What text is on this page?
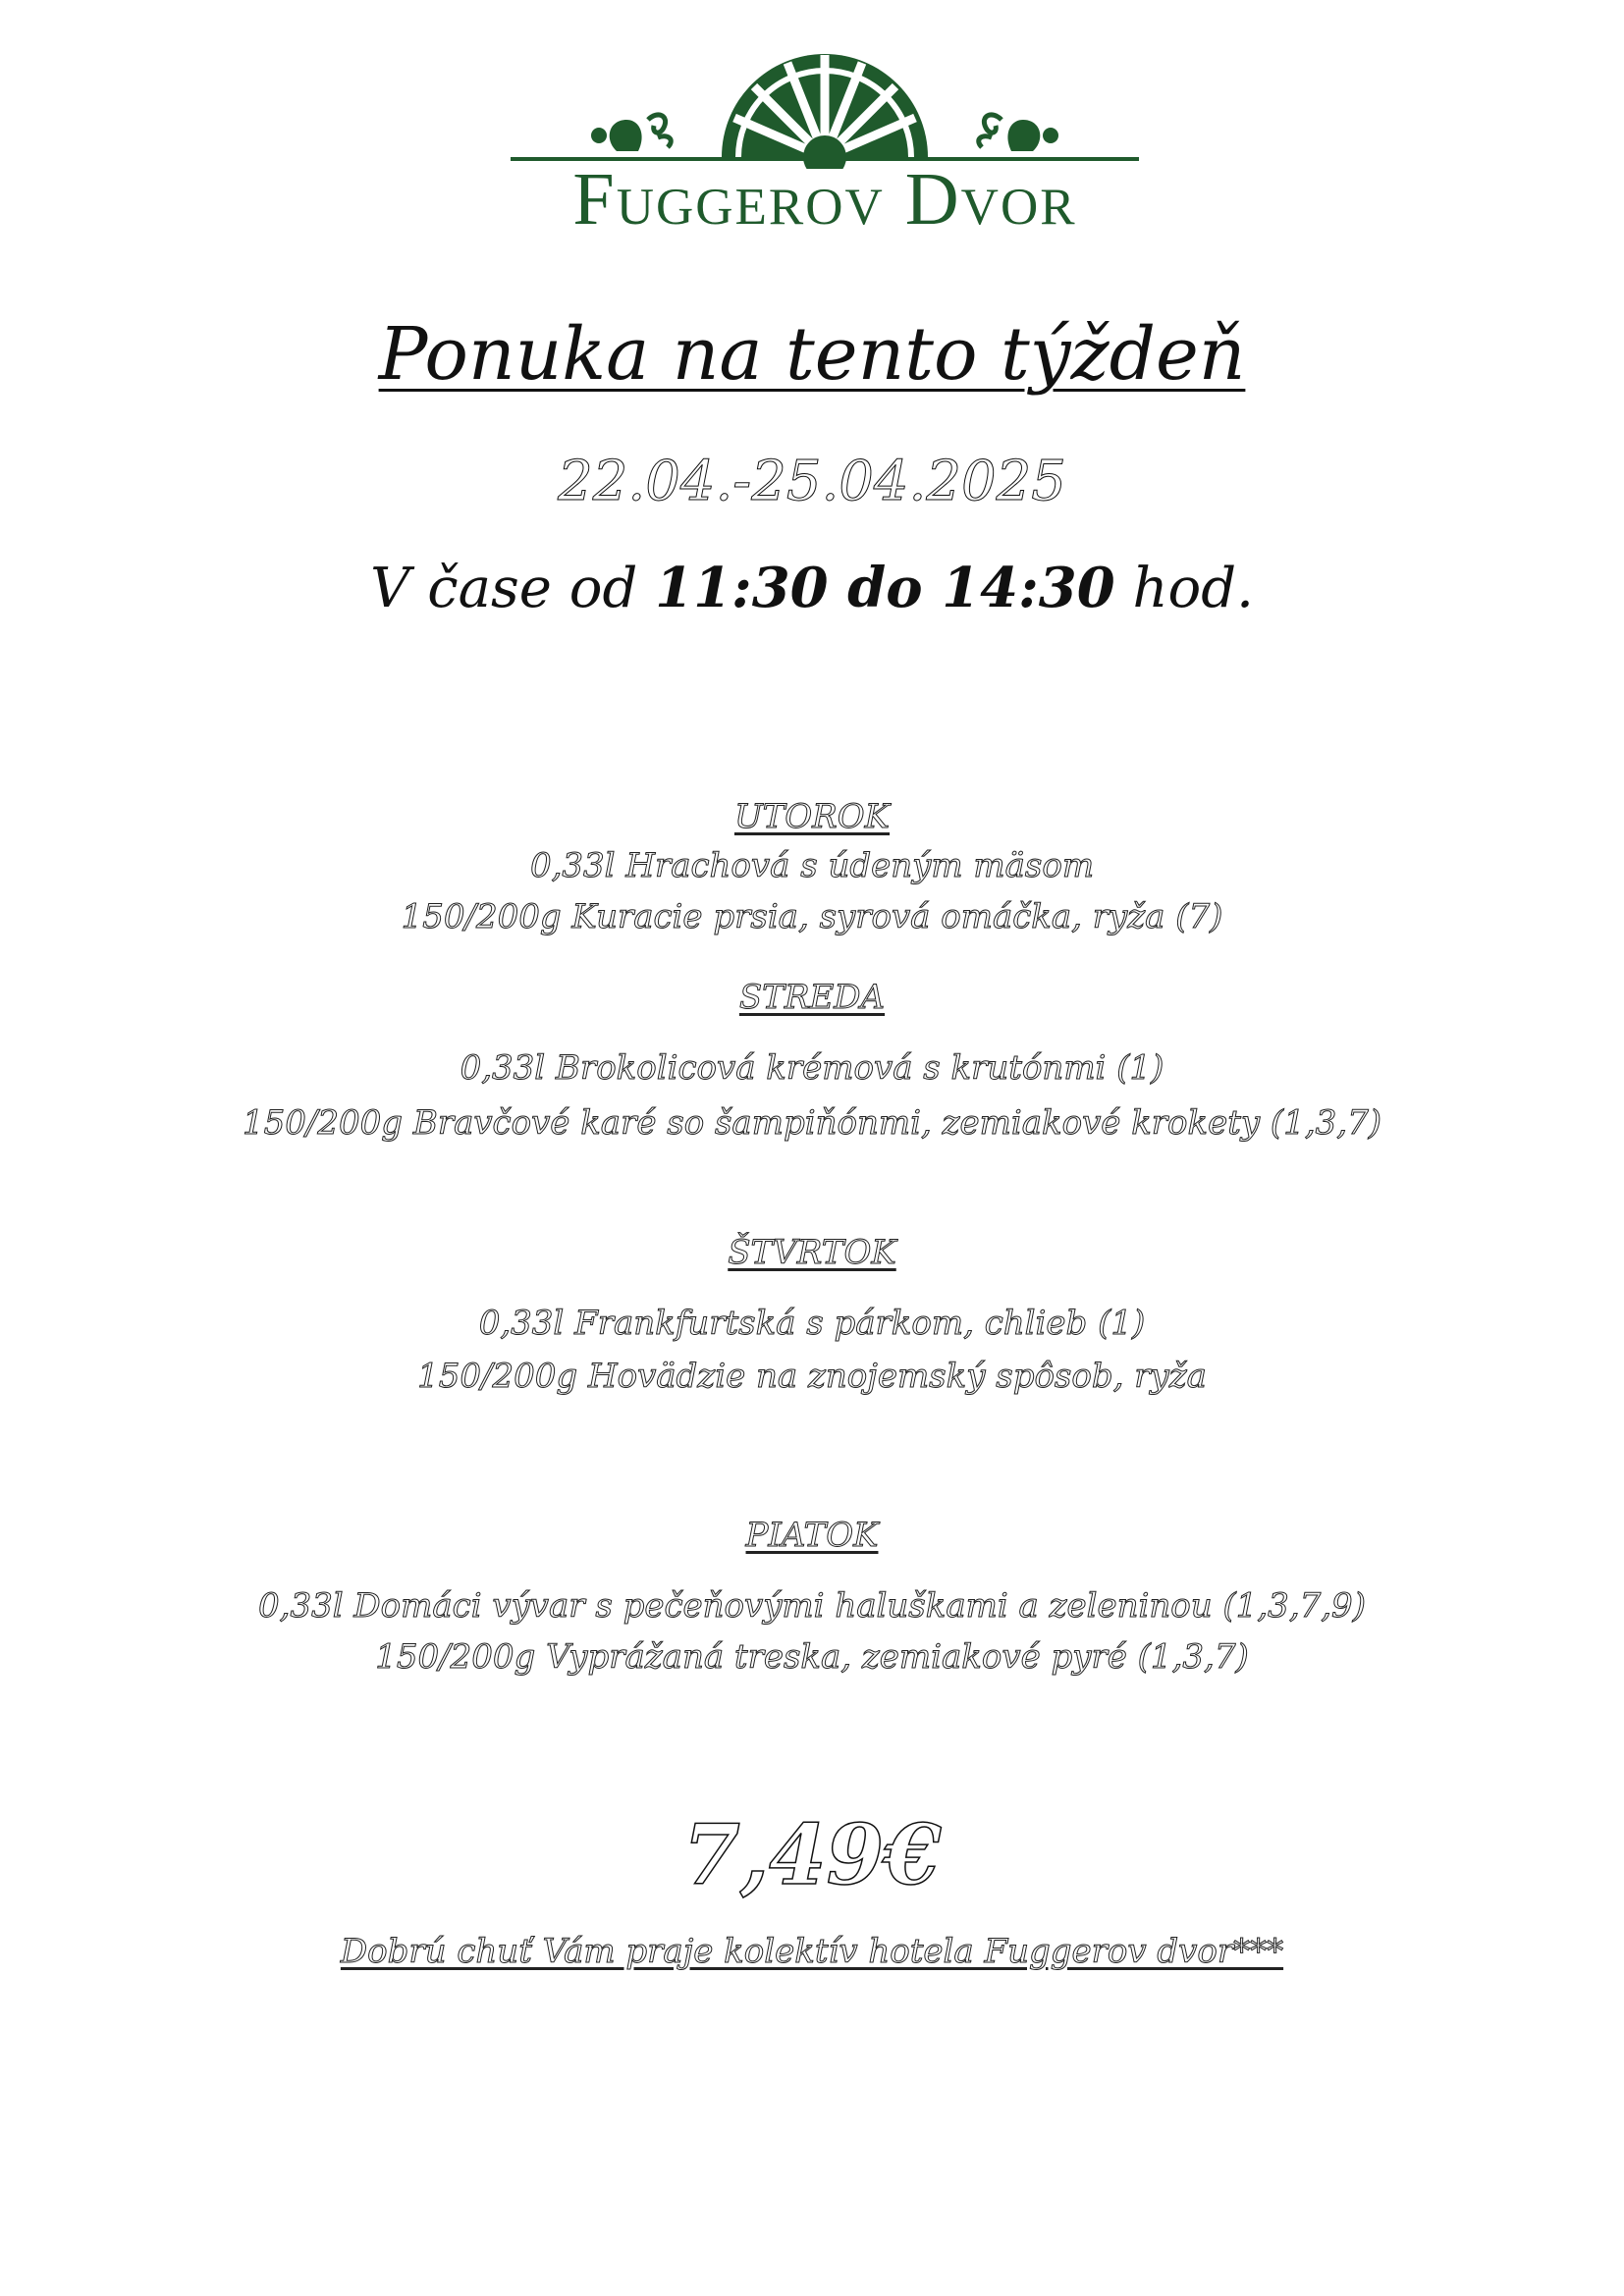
Fuggerov Dvor
Ponuka na tento týždeň
22.04.-25.04.2025
V čase od 11:30 do 14:30 hod.
UTOROK
0,33l Hrachová s údeným mäsom
150/200g Kuracie prsia, syrová omáčka, ryža (7)
STREDA
0,33l Brokolicová krémová s krutónmi (1)
150/200g Bravčové karé so šampiňónmi, zemiakové krokety (1,3,7)
ŠTVRTOK
0,33l Frankfurtská s párkom, chlieb (1)
150/200g Hovädzie na znojemský spôsob, ryža
PIATOK
0,33l Domáci vývar s pečeňovými haluškami a zeleninou (1,3,7,9)
150/200g Vyprážaná treska, zemiakové pyré (1,3,7)
7,49€
Dobrú chuť Vám praje kolektív hotela Fuggerov dvor***
